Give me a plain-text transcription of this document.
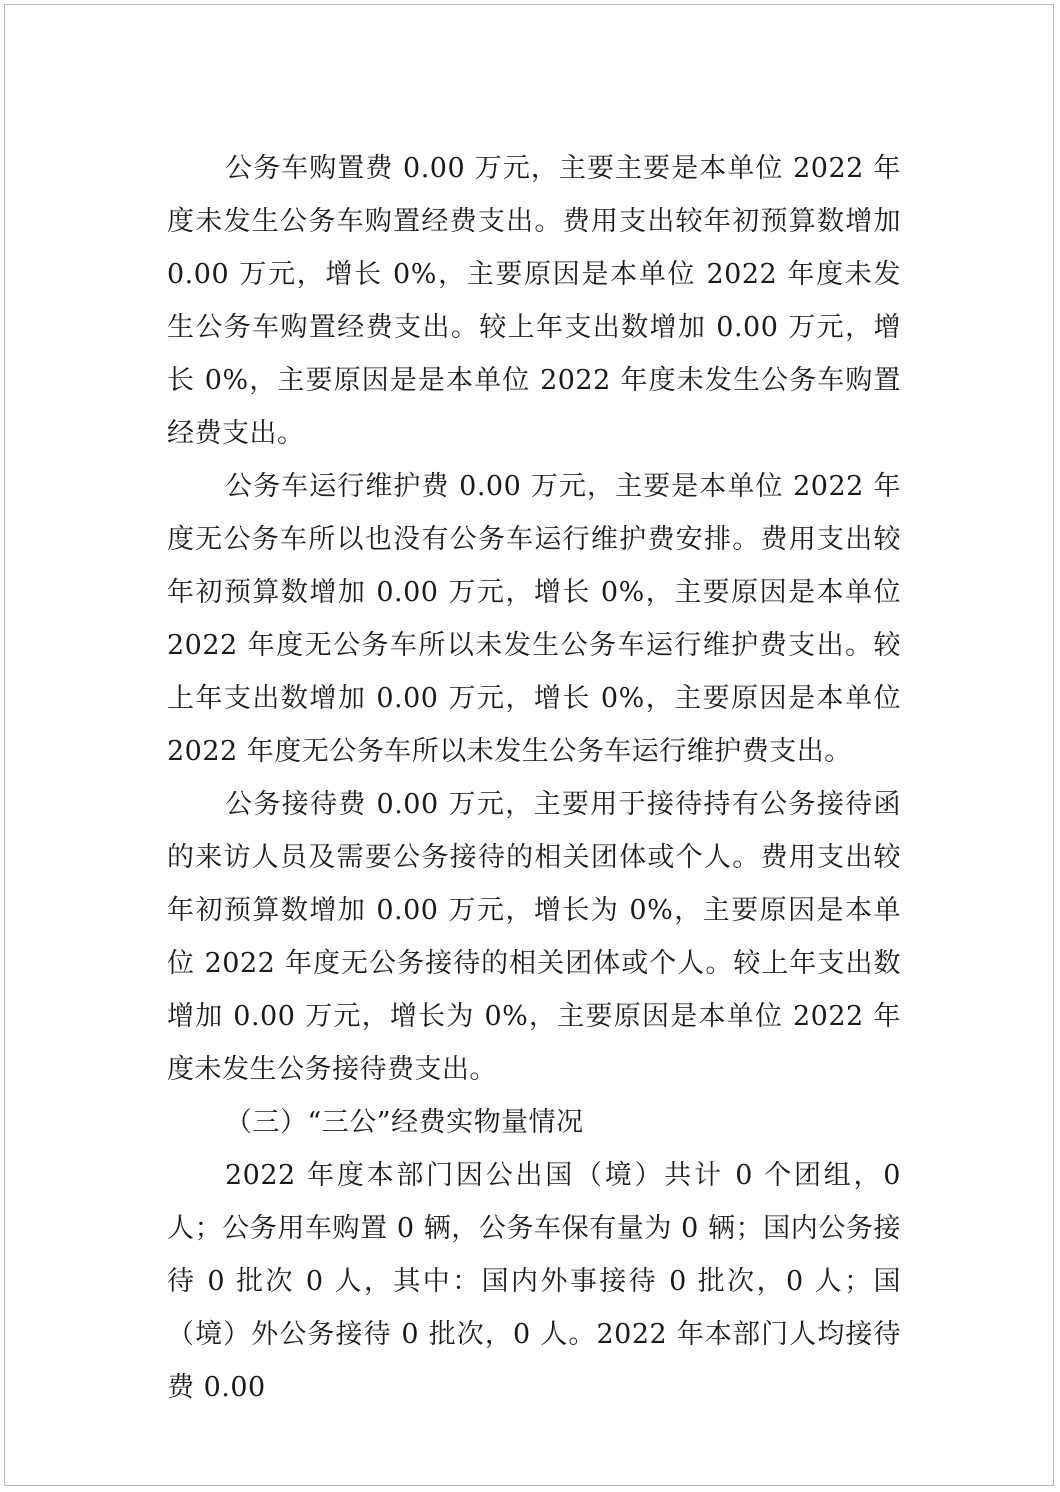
公务车购置费 0.00 万元，主要主要是本单位 2022 年度未发生公务车购置经费支出。费用支出较年初预算数增加 0.00 万元，增长 0%，主要原因是本单位 2022 年度未发生公务车购置经费支出。较上年支出数增加 0.00 万元，增长 0%，主要原因是是本单位 2022 年度未发生公务车购置经费支出。

公务车运行维护费 0.00 万元，主要是本单位 2022 年度无公务车所以也没有公务车运行维护费安排。费用支出较年初预算数增加 0.00 万元，增长 0%，主要原因是本单位 2022 年度无公务车所以未发生公务车运行维护费支出。较上年支出数增加 0.00 万元，增长 0%，主要原因是本单位 2022 年度无公务车所以未发生公务车运行维护费支出。

公务接待费 0.00 万元，主要用于接待持有公务接待函的来访人员及需要公务接待的相关团体或个人。费用支出较年初预算数增加 0.00 万元，增长为 0%，主要原因是本单位 2022 年度无公务接待的相关团体或个人。较上年支出数增加 0.00 万元，增长为 0%，主要原因是本单位 2022 年度未发生公务接待费支出。

（三）“三公”经费实物量情况

2022 年度本部门因公出国（境）共计 0 个团组，0 人；公务用车购置 0 辆，公务车保有量为 0 辆；国内公务接待 0 批次 0 人，其中：国内外事接待 0 批次，0 人；国（境）外公务接待 0 批次，0 人。2022 年本部门人均接待费 0.00
